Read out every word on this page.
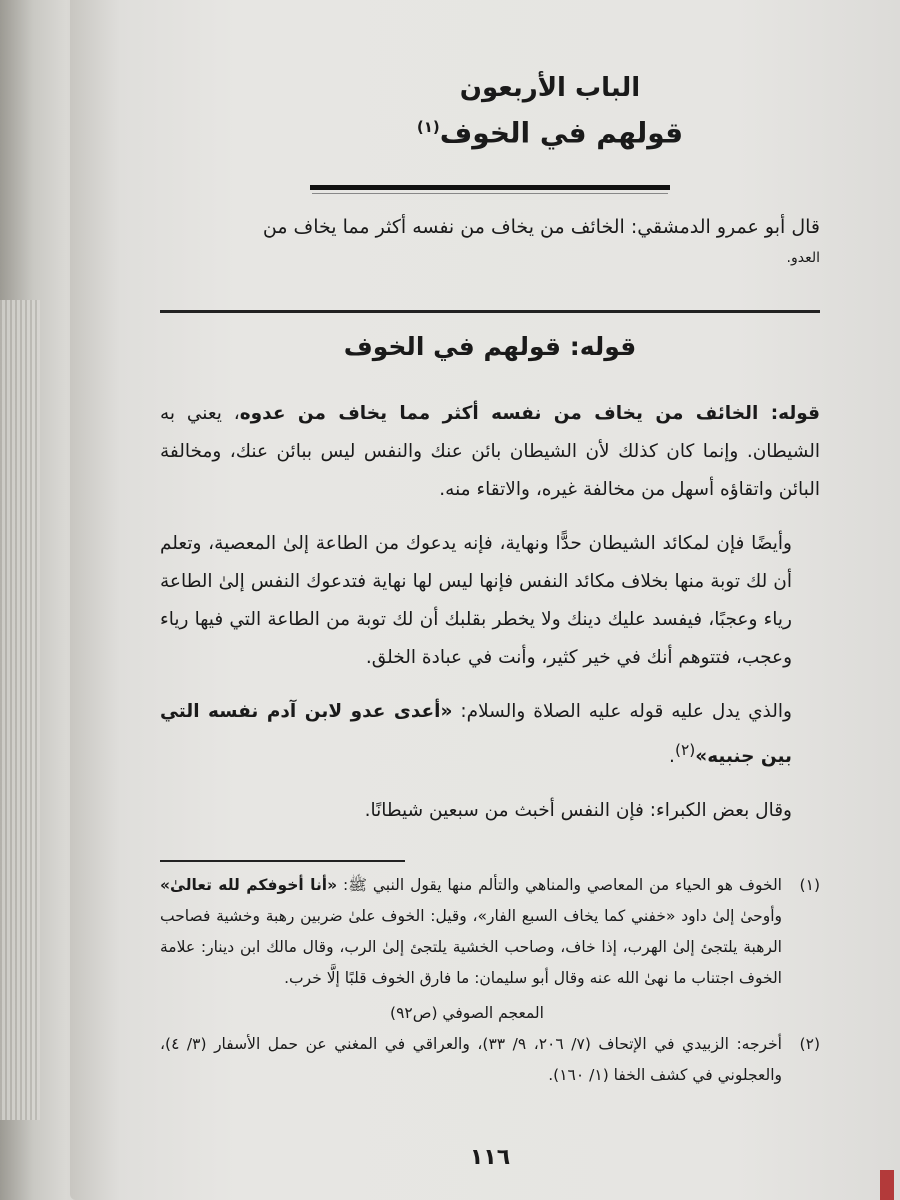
الباب الأربعون
قولهم في الخوف$^{(١)}$
قال أبو عمرو الدمشقي: الخائف من يخاف من نفسه أكثر مما يخاف من
العدو.
قوله: قولهم في الخوف

قوله: الخائف من يخاف من نفسه أكثر مما يخاف من عدوه، يعني به الشيطان. وإنما كان كذلك لأن الشيطان بائن عنك والنفس ليس ببائن عنك، ومخالفة البائن واتقاؤه أسهل من مخالفة غيره، والاتقاء منه.

وأيضًا فإن لمكائد الشيطان حدًّا ونهاية، فإنه يدعوك من الطاعة إلىٰ المعصية، وتعلم أن لك توبة منها بخلاف مكائد النفس فإنها ليس لها نهاية فتدعوك النفس إلىٰ الطاعة رياء وعجبًا، فيفسد عليك دينك ولا يخطر بقلبك أن لك توبة من الطاعة التي فيها رياء وعجب، فتتوهم أنك في خير كثير، وأنت في عبادة الخلق.

والذي يدل عليه قوله عليه الصلاة والسلام: «أعدى عدو لابن آدم نفسه التي بين جنبيه»$^{(٢)}$.

وقال بعض الكبراء: فإن النفس أخبث من سبعين شيطانًا.

(١)
الخوف هو الحياء من المعاصي والمناهي والتألم منها يقول النبي ﷺ: «أنا أخوفكم لله تعالىٰ» وأوحىٰ إلىٰ داود «خفني كما يخاف السبع الفار»، وقيل: الخوف علىٰ ضربين رهبة وخشية فصاحب الرهبة يلتجئ إلىٰ الهرب، إذا خاف، وصاحب الخشية يلتجئ إلىٰ الرب، وقال مالك ابن دينار: علامة الخوف اجتناب ما نهىٰ الله عنه وقال أبو سليمان: ما فارق الخوف قلبًا إلَّا خرب.
المعجم الصوفي (ص٩٢)
(٢)
أخرجه: الزبيدي في الإتحاف (٧/ ٢٠٦، ٩/ ٣٣)، والعراقي في المغني عن حمل الأسفار (٣/ ٤)، والعجلوني في كشف الخفا (١/ ١٦٠).
١١٦
